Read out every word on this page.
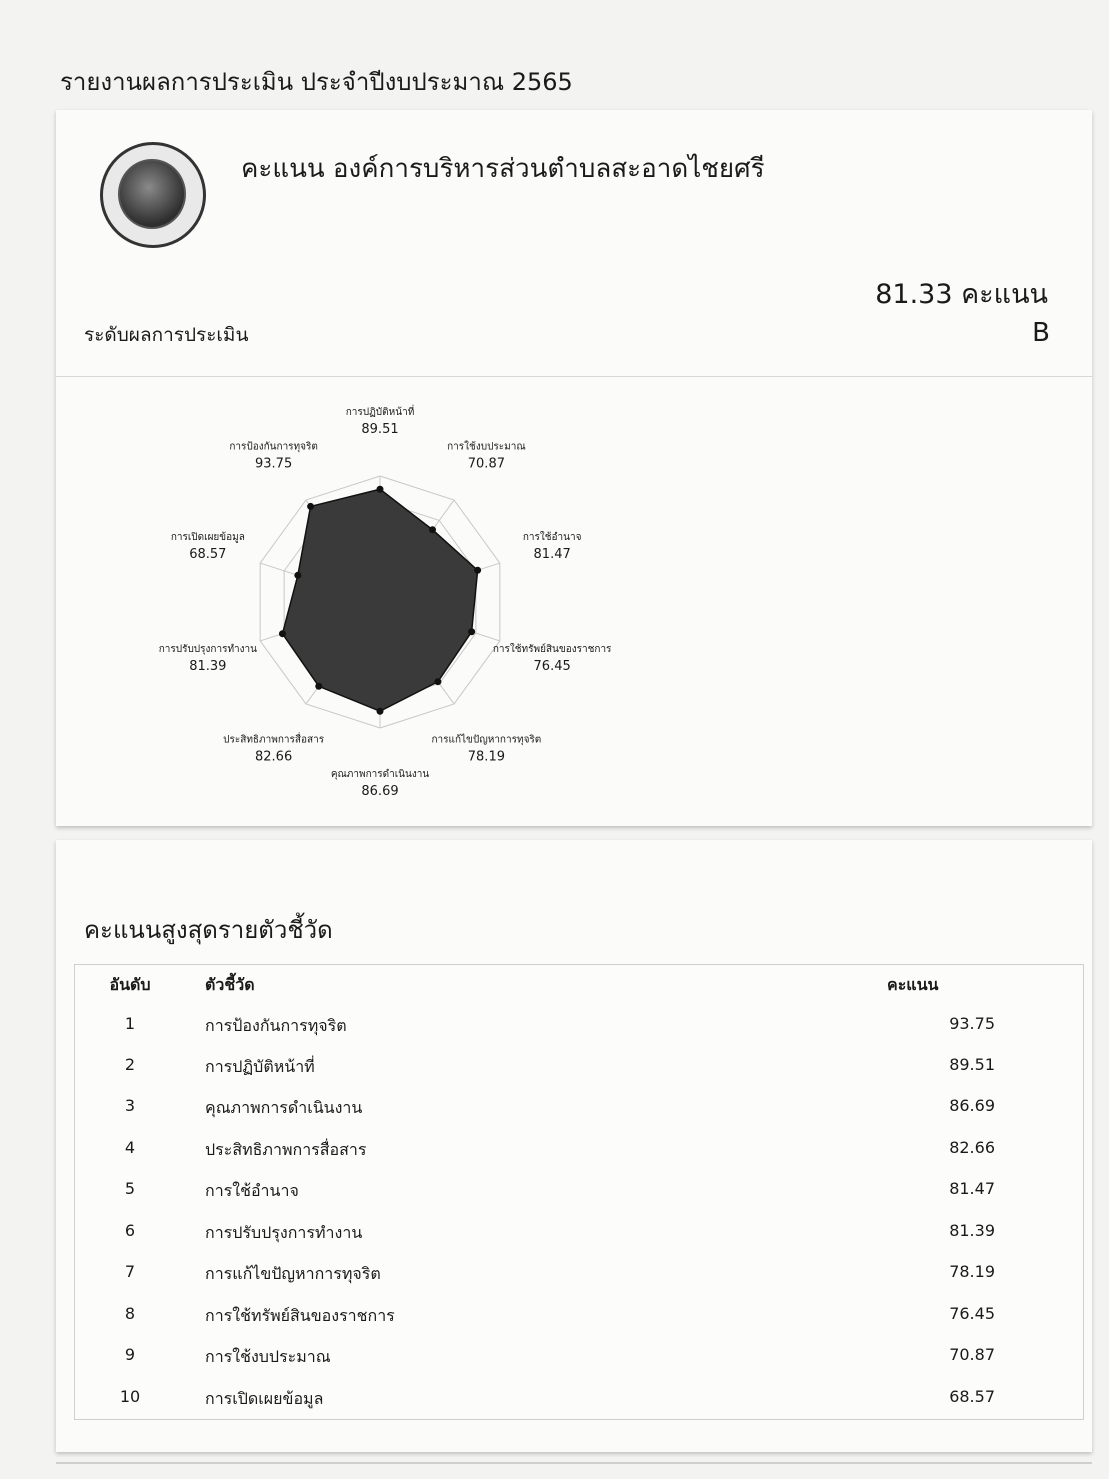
รายงานผลการประเมิน ประจำปีงบประมาณ 2565
คะแนน องค์การบริหารส่วนตำบลสะอาดไชยศรี
81.33 คะแนน
ระดับผลการประเมิน	B
การปฏิบัติหน้าที่
89.51
การใช้งบประมาณ
70.87
การใช้อำนาจ
81.47
การใช้ทรัพย์สินของราชการ
76.45
การแก้ไขปัญหาการทุจริต
78.19
คุณภาพการดำเนินงาน
86.69
ประสิทธิภาพการสื่อสาร
82.66
การปรับปรุงการทำงาน
81.39
การเปิดเผยข้อมูล
68.57
การป้องกันการทุจริต
93.75
คะแนนสูงสุดรายตัวชี้วัด
อันดับ	ตัวชี้วัด	คะแนน
1	การป้องกันการทุจริต	93.75
2	การปฏิบัติหน้าที่	89.51
3	คุณภาพการดำเนินงาน	86.69
4	ประสิทธิภาพการสื่อสาร	82.66
5	การใช้อำนาจ	81.47
6	การปรับปรุงการทำงาน	81.39
7	การแก้ไขปัญหาการทุจริต	78.19
8	การใช้ทรัพย์สินของราชการ	76.45
9	การใช้งบประมาณ	70.87
10	การเปิดเผยข้อมูล	68.57
